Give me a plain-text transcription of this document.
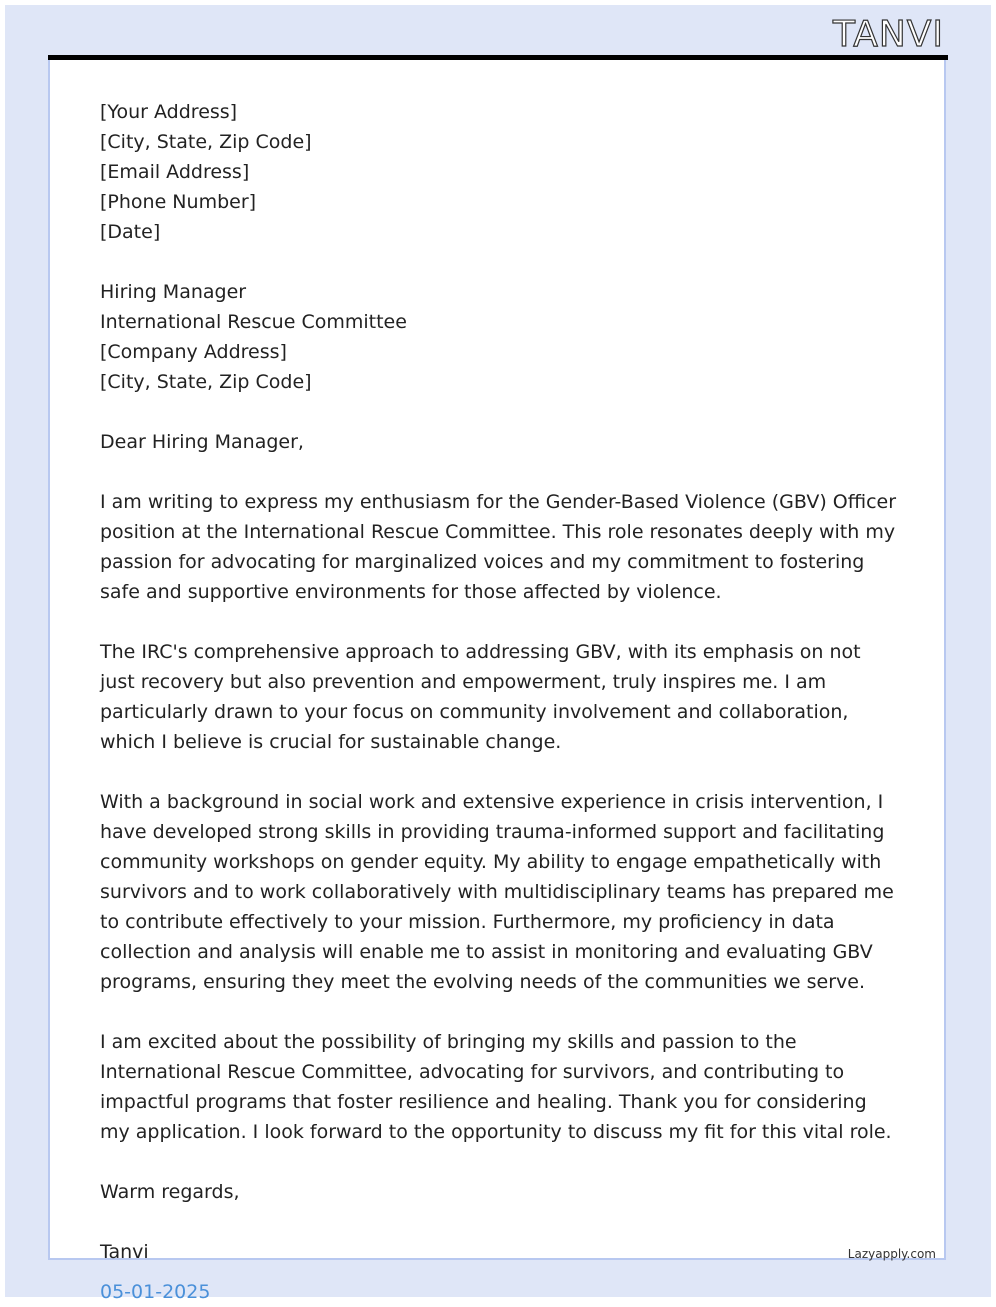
TANVI

[Your Address]
[City, State, Zip Code]
[Email Address]
[Phone Number]
[Date]

Hiring Manager
International Rescue Committee
[Company Address]
[City, State, Zip Code]

Dear Hiring Manager,

I am writing to express my enthusiasm for the Gender-Based Violence (GBV) Officer position at the International Rescue Committee. This role resonates deeply with my passion for advocating for marginalized voices and my commitment to fostering safe and supportive environments for those affected by violence.

The IRC's comprehensive approach to addressing GBV, with its emphasis on not just recovery but also prevention and empowerment, truly inspires me. I am particularly drawn to your focus on community involvement and collaboration, which I believe is crucial for sustainable change.

With a background in social work and extensive experience in crisis intervention, I have developed strong skills in providing trauma-informed support and facilitating community workshops on gender equity. My ability to engage empathetically with survivors and to work collaboratively with multidisciplinary teams has prepared me to contribute effectively to your mission. Furthermore, my proficiency in data collection and analysis will enable me to assist in monitoring and evaluating GBV programs, ensuring they meet the evolving needs of the communities we serve.

I am excited about the possibility of bringing my skills and passion to the International Rescue Committee, advocating for survivors, and contributing to impactful programs that foster resilience and healing. Thank you for considering my application. I look forward to the opportunity to discuss my fit for this vital role.

Warm regards,
Tanvi
05-01-2025

Lazyapply.com
